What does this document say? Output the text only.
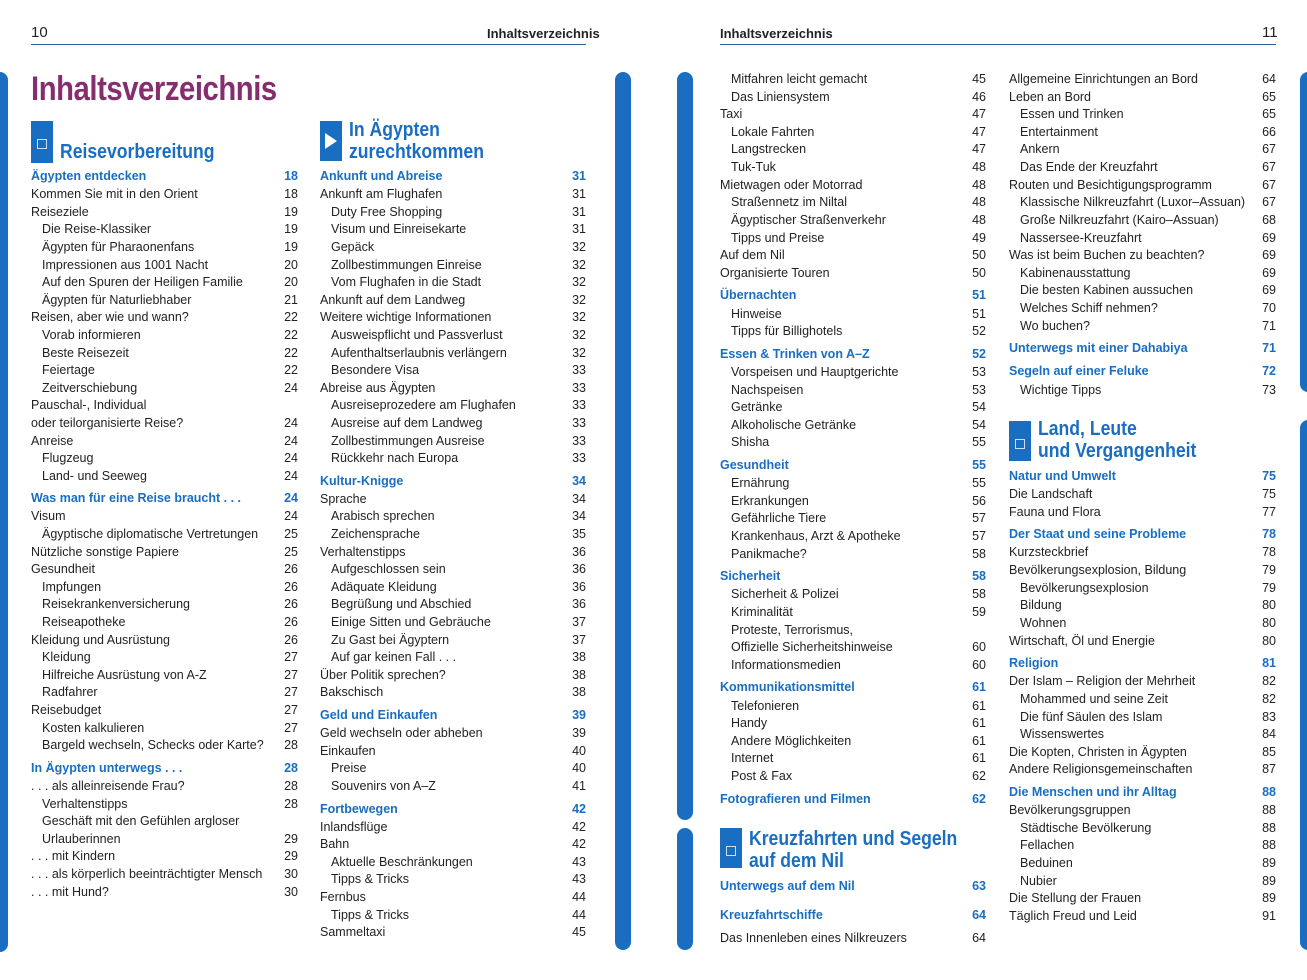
10	Inhaltsverzeichnis	Inhaltsverzeichnis	11
Inhaltsverzeichnis
Reisevorbereitung
In Ägypten
zurechtkommen
Kreuzfahrten und Segeln
auf dem Nil
Land, Leute
und Vergangenheit
Ägypten entdecken .....	18
Kommen Sie mit in den Orient .....	18
Reiseziele .....	19
Die Reise-Klassiker .....	19
Ägypten für Pharaonenfans .....	19
Impressionen aus 1001 Nacht .....	20
Auf den Spuren der Heiligen Familie .....	20
Ägypten für Naturliebhaber .....	21
Reisen, aber wie und wann? .....	22
Vorab informieren .....	22
Beste Reisezeit .....	22
Feiertage .....	22
Zeitverschiebung .....	24
Pauschal-, Individual
oder teilorganisierte Reise? .....	24
Anreise .....	24
Flugzeug .....	24
Land- und Seeweg .....	24
Was man für eine Reise braucht . . . .....	24
Visum .....	24
Ägyptische diplomatische Vertretungen .....	25
Nützliche sonstige Papiere .....	25
Gesundheit .....	26
Impfungen .....	26
Reisekrankenversicherung .....	26
Reiseapotheke .....	26
Kleidung und Ausrüstung .....	26
Kleidung .....	27
Hilfreiche Ausrüstung von A-Z .....	27
Radfahrer .....	27
Reisebudget .....	27
Kosten kalkulieren .....	27
Bargeld wechseln, Schecks oder Karte? .....	28
In Ägypten unterwegs . . . .....	28
. . . als alleinreisende Frau? .....	28
Verhaltenstipps .....	28
Geschäft mit den Gefühlen argloser
Urlauberinnen .....	29
. . . mit Kindern .....	29
. . . als körperlich beeinträchtigter Mensch .....	30
. . . mit Hund? .....	30
Ankunft und Abreise .....	31
Ankunft am Flughafen .....	31
Duty Free Shopping .....	31
Visum und Einreisekarte .....	31
Gepäck .....	32
Zollbestimmungen Einreise .....	32
Vom Flughafen in die Stadt .....	32
Ankunft auf dem Landweg .....	32
Weitere wichtige Informationen .....	32
Ausweispflicht und Passverlust .....	32
Aufenthaltserlaubnis verlängern .....	32
Besondere Visa .....	33
Abreise aus Ägypten .....	33
Ausreiseprozedere am Flughafen .....	33
Ausreise auf dem Landweg .....	33
Zollbestimmungen Ausreise .....	33
Rückkehr nach Europa .....	33
Kultur-Knigge .....	34
Sprache .....	34
Arabisch sprechen .....	34
Zeichensprache .....	35
Verhaltenstipps .....	36
Aufgeschlossen sein .....	36
Adäquate Kleidung .....	36
Begrüßung und Abschied .....	36
Einige Sitten und Gebräuche .....	37
Zu Gast bei Ägyptern .....	37
Auf gar keinen Fall . . . .....	38
Über Politik sprechen? .....	38
Bakschisch .....	38
Geld und Einkaufen .....	39
Geld wechseln oder abheben .....	39
Einkaufen .....	40
Preise .....	40
Souvenirs von A–Z .....	41
Fortbewegen .....	42
Inlandsflüge .....	42
Bahn .....	42
Aktuelle Beschränkungen .....	43
Tipps & Tricks .....	43
Fernbus .....	44
Tipps & Tricks .....	44
Sammeltaxi .....	45
Mitfahren leicht gemacht .....	45
Das Liniensystem .....	46
Taxi .....	47
Lokale Fahrten .....	47
Langstrecken .....	47
Tuk-Tuk .....	48
Mietwagen oder Motorrad .....	48
Straßennetz im Niltal .....	48
Ägyptischer Straßenverkehr .....	48
Tipps und Preise .....	49
Auf dem Nil .....	50
Organisierte Touren .....	50
Übernachten .....	51
Hinweise .....	51
Tipps für Billighotels .....	52
Essen & Trinken von A–Z .....	52
Vorspeisen und Hauptgerichte .....	53
Nachspeisen .....	53
Getränke .....	54
Alkoholische Getränke .....	54
Shisha .....	55
Gesundheit .....	55
Ernährung .....	55
Erkrankungen .....	56
Gefährliche Tiere .....	57
Krankenhaus, Arzt & Apotheke .....	57
Panikmache? .....	58
Sicherheit .....	58
Sicherheit & Polizei .....	58
Kriminalität .....	59
Proteste, Terrorismus,
Offizielle Sicherheitshinweise .....	60
Informationsmedien .....	60
Kommunikationsmittel .....	61
Telefonieren .....	61
Handy .....	61
Andere Möglichkeiten .....	61
Internet .....	61
Post & Fax .....	62
Fotografieren und Filmen .....	62
Unterwegs auf dem Nil .....	63
Kreuzfahrtschiffe .....	64
Das Innenleben eines Nilkreuzers .....	64
Allgemeine Einrichtungen an Bord .....	64
Leben an Bord .....	65
Essen und Trinken .....	65
Entertainment .....	66
Ankern .....	67
Das Ende der Kreuzfahrt .....	67
Routen und Besichtigungsprogramm .....	67
Klassische Nilkreuzfahrt (Luxor–Assuan) .....	67
Große Nilkreuzfahrt (Kairo–Assuan) .....	68
Nassersee-Kreuzfahrt .....	69
Was ist beim Buchen zu beachten? .....	69
Kabinenausstattung .....	69
Die besten Kabinen aussuchen .....	69
Welches Schiff nehmen? .....	70
Wo buchen? .....	71
Unterwegs mit einer Dahabiya .....	71
Segeln auf einer Feluke .....	72
Wichtige Tipps .....	73
Natur und Umwelt .....	75
Die Landschaft .....	75
Fauna und Flora .....	77
Der Staat und seine Probleme .....	78
Kurzsteckbrief .....	78
Bevölkerungsexplosion, Bildung .....	79
Bevölkerungsexplosion .....	79
Bildung .....	80
Wohnen .....	80
Wirtschaft, Öl und Energie .....	80
Religion .....	81
Der Islam – Religion der Mehrheit .....	82
Mohammed und seine Zeit .....	82
Die fünf Säulen des Islam .....	83
Wissenswertes .....	84
Die Kopten, Christen in Ägypten .....	85
Andere Religionsgemeinschaften .....	87
Die Menschen und ihr Alltag .....	88
Bevölkerungsgruppen .....	88
Städtische Bevölkerung .....	88
Fellachen .....	88
Beduinen .....	89
Nubier .....	89
Die Stellung der Frauen .....	89
Täglich Freud und Leid .....	91
